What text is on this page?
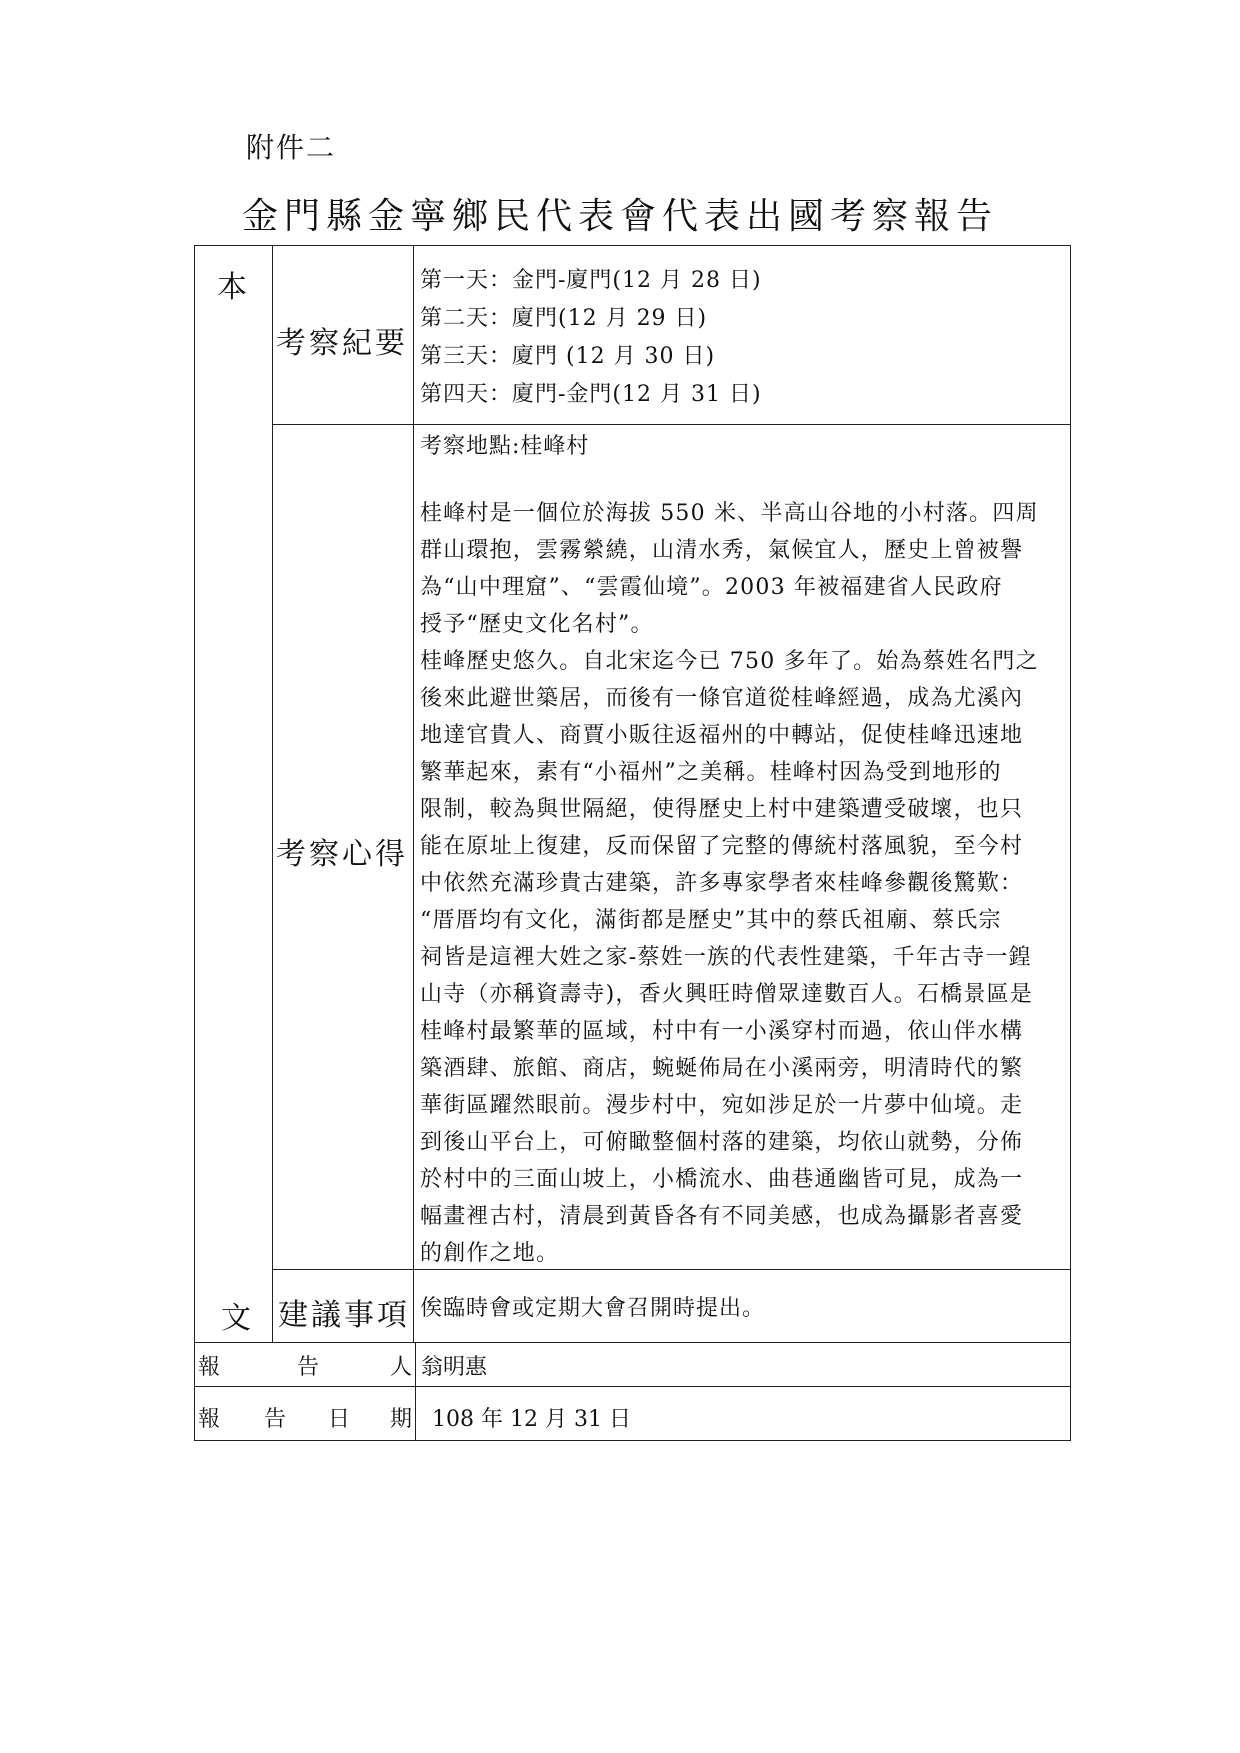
附件二
金門縣金寧鄉民代表會代表出國考察報告
本
文
考察紀要
第一天：金門-廈門(12 月 28 日)
第二天：廈門(12 月 29 日)
第三天：廈門 (12 月 30 日)
第四天：廈門-金門(12 月 31 日)
考察心得
考察地點:桂峰村
桂峰村是一個位於海拔 550 米、半高山谷地的小村落。四周
群山環抱，雲霧縈繞，山清水秀，氣候宜人，歷史上曾被譽
為“山中理窟”、“雲霞仙境”。2003 年被福建省人民政府
授予“歷史文化名村”。
桂峰歷史悠久。自北宋迄今已 750 多年了。始為蔡姓名門之
後來此避世築居，而後有一條官道從桂峰經過，成為尤溪內
地達官貴人、商賈小販往返福州的中轉站，促使桂峰迅速地
繁華起來，素有“小福州”之美稱。桂峰村因為受到地形的
限制，較為與世隔絕，使得歷史上村中建築遭受破壞，也只
能在原址上復建，反而保留了完整的傳統村落風貌，至今村
中依然充滿珍貴古建築，許多專家學者來桂峰參觀後驚歎：
“厝厝均有文化，滿街都是歷史”其中的蔡氏祖廟、蔡氏宗
祠皆是這裡大姓之家-蔡姓一族的代表性建築，千年古寺一鍠
山寺（亦稱資壽寺)，香火興旺時僧眾達數百人。石橋景區是
桂峰村最繁華的區域，村中有一小溪穿村而過，依山伴水構
築酒肆、旅館、商店，蜿蜒佈局在小溪兩旁，明清時代的繁
華街區躍然眼前。漫步村中，宛如涉足於一片夢中仙境。走
到後山平台上，可俯瞰整個村落的建築，均依山就勢，分佈
於村中的三面山坡上，小橋流水、曲巷通幽皆可見，成為一
幅畫裡古村，清晨到黃昏各有不同美感，也成為攝影者喜愛
的創作之地。
建議事項 俟臨時會或定期大會召開時提出。
報	告	人 翁明惠
報 告 日 期 108 年 12 月 31 日
